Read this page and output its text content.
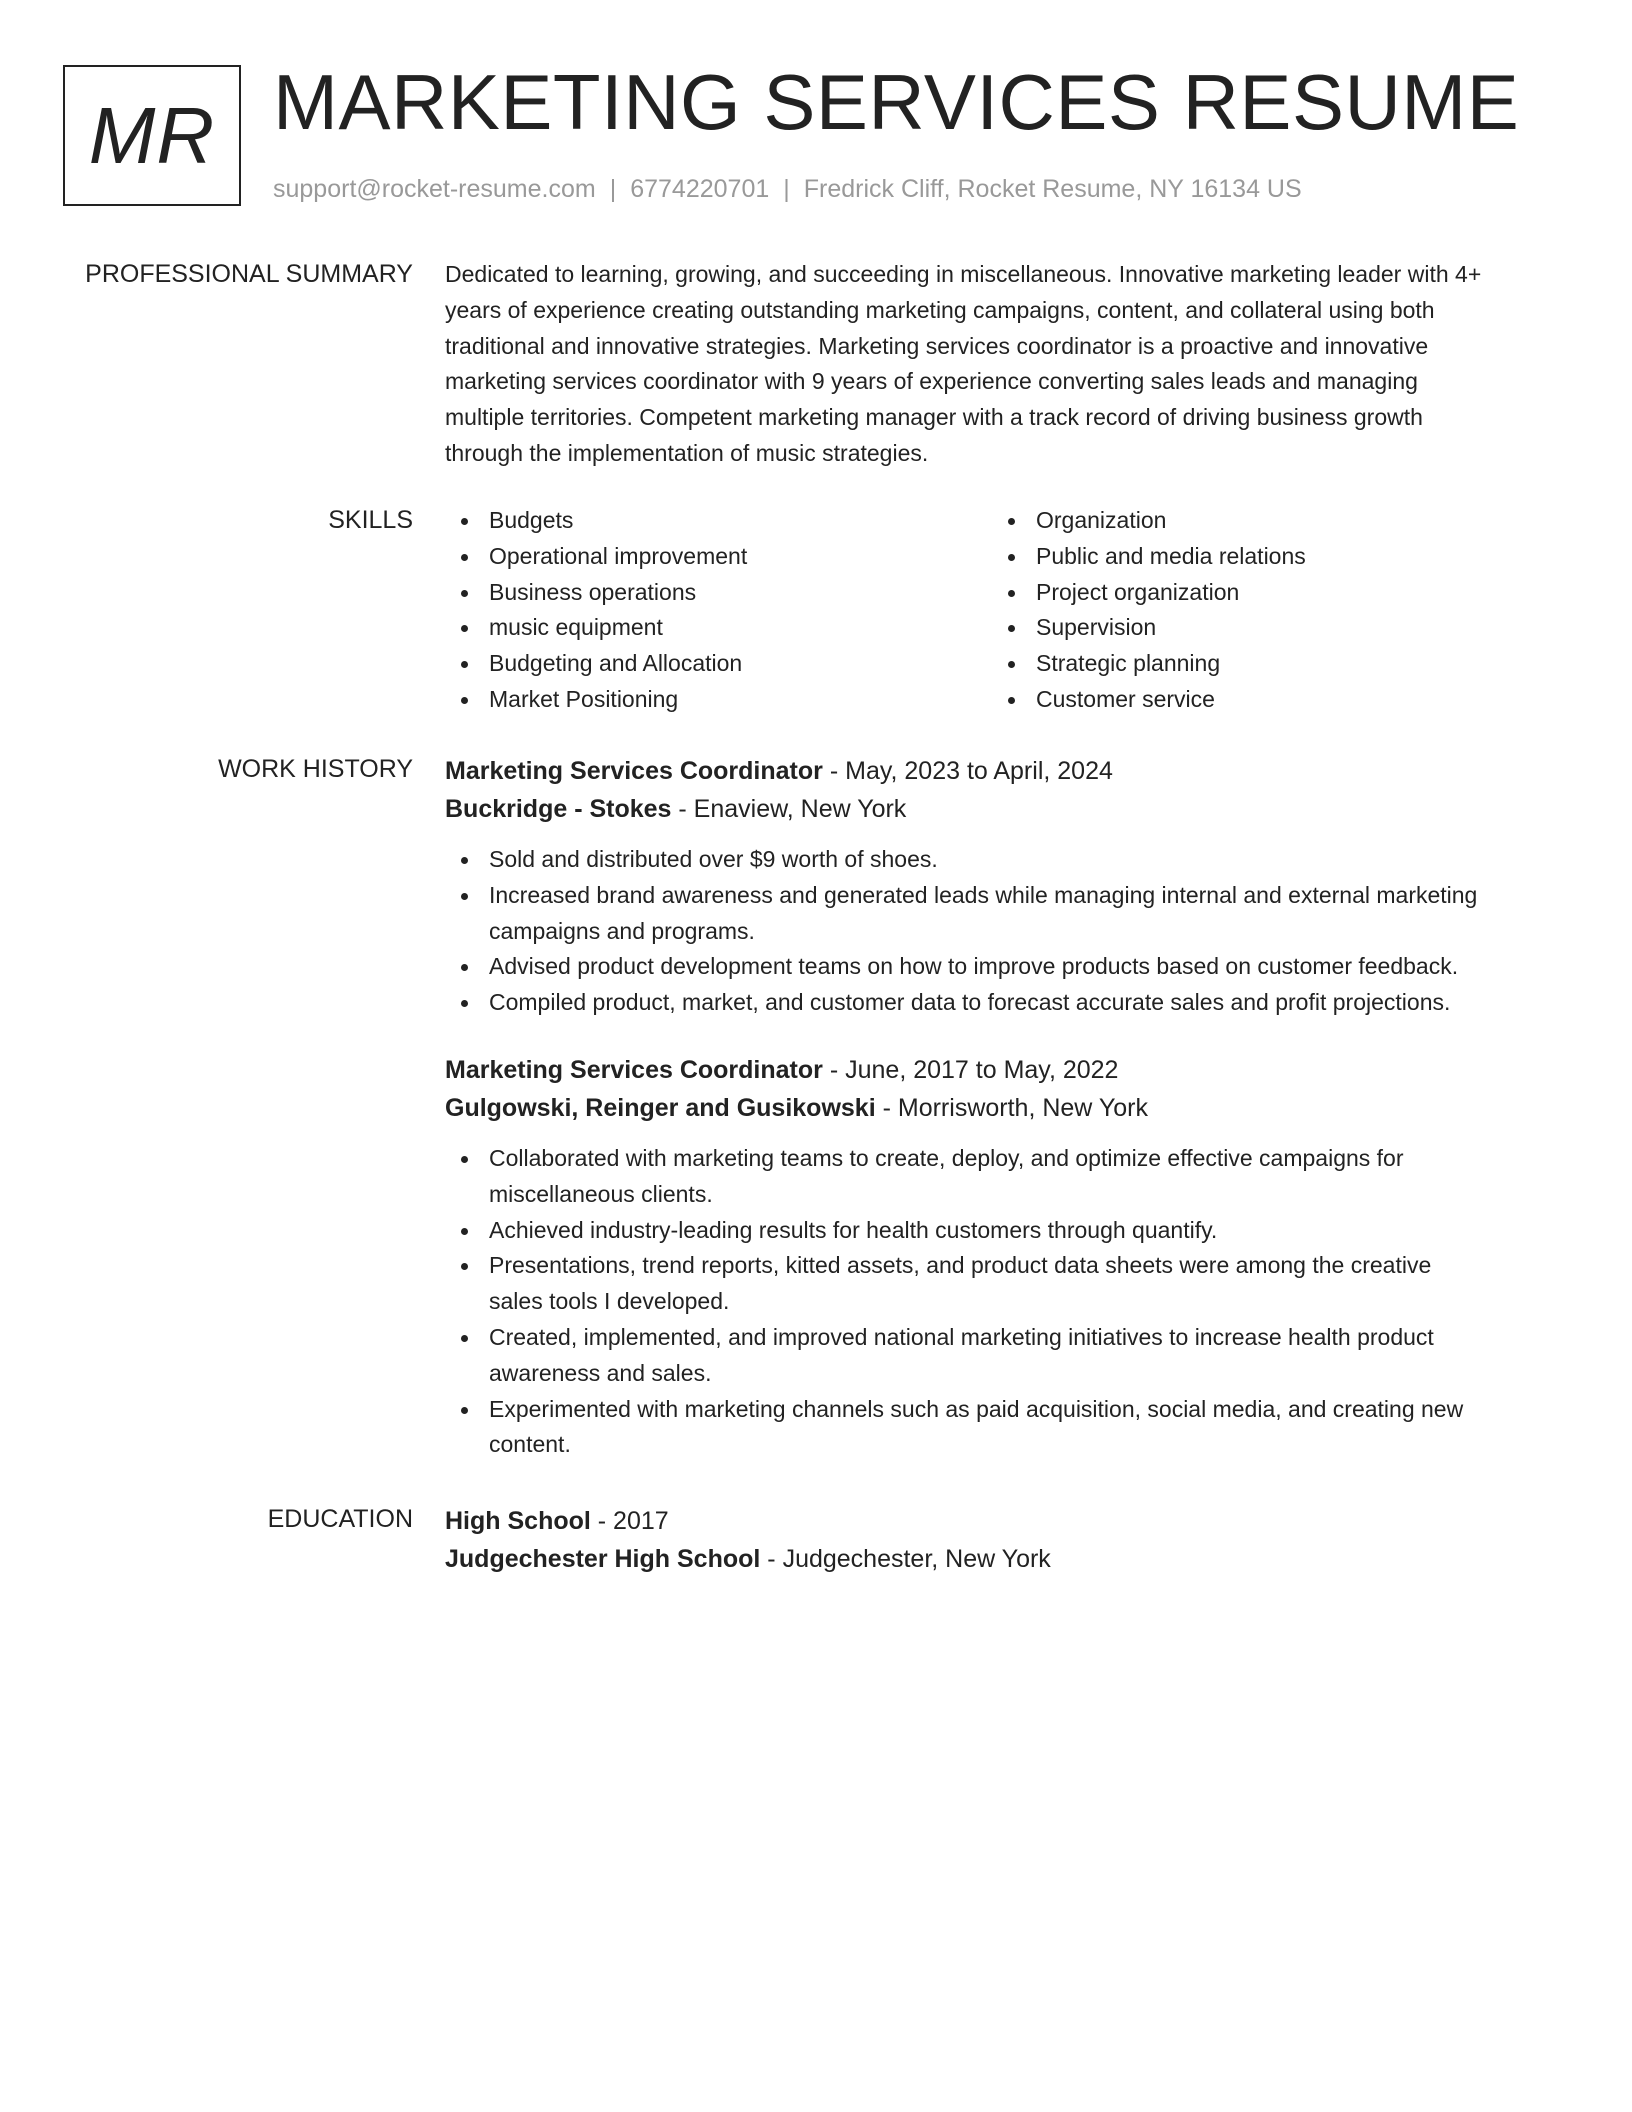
MR MARKETING SERVICES RESUME
support@rocket-resume.com | 6774220701 | Fredrick Cliff, Rocket Resume, NY 16134 US
PROFESSIONAL SUMMARY Dedicated to learning, growing, and succeeding in miscellaneous. Innovative marketing leader with 4+
years of experience creating outstanding marketing campaigns, content, and collateral using both
traditional and innovative strategies. Marketing services coordinator is a proactive and innovative
marketing services coordinator with 9 years of experience converting sales leads and managing
multiple territories. Competent marketing manager with a track record of driving business growth
through the implementation of music strategies.

SKILLS	Budgets
Operational improvement
Business operations
music equipment
Budgeting and Allocation
Market Positioning
Organization
Public and media relations
Project organization
Supervision
Strategic planning
Customer service
WORK HISTORY Marketing Services Coordinator - May, 2023 to April, 2024
Buckridge - Stokes - Enaview, New York
Sold and distributed over $9 worth of shoes.
Increased brand awareness and generated leads while managing internal and external marketing
campaigns and programs.
Advised product development teams on how to improve products based on customer feedback.
Compiled product, market, and customer data to forecast accurate sales and profit projections.
Marketing Services Coordinator - June, 2017 to May, 2022
Gulgowski, Reinger and Gusikowski - Morrisworth, New York
Collaborated with marketing teams to create, deploy, and optimize effective campaigns for
miscellaneous clients.
Achieved industry-leading results for health customers through quantify.
Presentations, trend reports, kitted assets, and product data sheets were among the creative
sales tools I developed.
Created, implemented, and improved national marketing initiatives to increase health product
awareness and sales.
Experimented with marketing channels such as paid acquisition, social media, and creating new
content.
EDUCATION High School - 2017
Judgechester High School - Judgechester, New York
